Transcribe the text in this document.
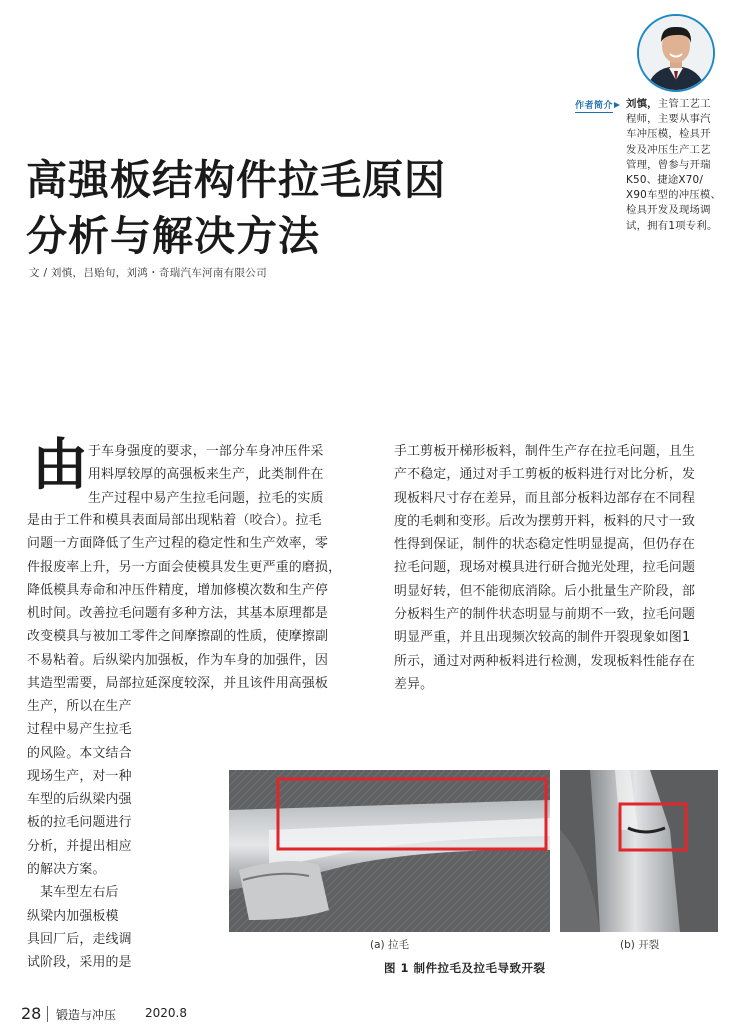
作者简介 刘慎，主管工艺工
程师，主要从事汽
车冲压模，检具开
发及冲压生产工艺
管理，曾参与开瑞
K50、捷途X70/
X90车型的冲压模、
检具开发及现场调
试，拥有1项专利。
高强板结构件拉毛原因
分析与解决方法
文 / 刘慎，吕贻旬，刘鸿・奇瑞汽车河南有限公司
由 于车身强度的要求，一部分车身冲压件采
用料厚较厚的高强板来生产，此类制件在
生产过程中易产生拉毛问题，拉毛的实质
是由于工件和模具表面局部出现粘着（咬合）。拉毛
问题一方面降低了生产过程的稳定性和生产效率，零
件报废率上升，另一方面会使模具发生更严重的磨损，
降低模具寿命和冲压件精度，增加修模次数和生产停
机时间。改善拉毛问题有多种方法，其基本原理都是
改变模具与被加工零件之间摩擦副的性质，使摩擦副
不易粘着。后纵梁内加强板，作为车身的加强件，因
其造型需要，局部拉延深度较深，并且该件用高强板
生产，所以在生产
过程中易产生拉毛
的风险。本文结合
现场生产，对一种
车型的后纵梁内强
板的拉毛问题进行
分析，并提出相应
的解决方案。
　某车型左右后
纵梁内加强板模
具回厂后，走线调
试阶段，采用的是
手工剪板开梯形板料，制件生产存在拉毛问题，且生
产不稳定，通过对手工剪板的板料进行对比分析，发
现板料尺寸存在差异，而且部分板料边部存在不同程
度的毛刺和变形。后改为摆剪开料，板料的尺寸一致
性得到保证，制件的状态稳定性明显提高，但仍存在
拉毛问题，现场对模具进行研合抛光处理，拉毛问题
明显好转，但不能彻底消除。后小批量生产阶段，部
分板料生产的制件状态明显与前期不一致，拉毛问题
明显严重，并且出现频次较高的制件开裂现象如图1
所示，通过对两种板料进行检测，发现板料性能存在
差异。
(a) 拉毛	(b) 开裂
图 1 制件拉毛及拉毛导致开裂
28 锻造与冲压 2020.8
